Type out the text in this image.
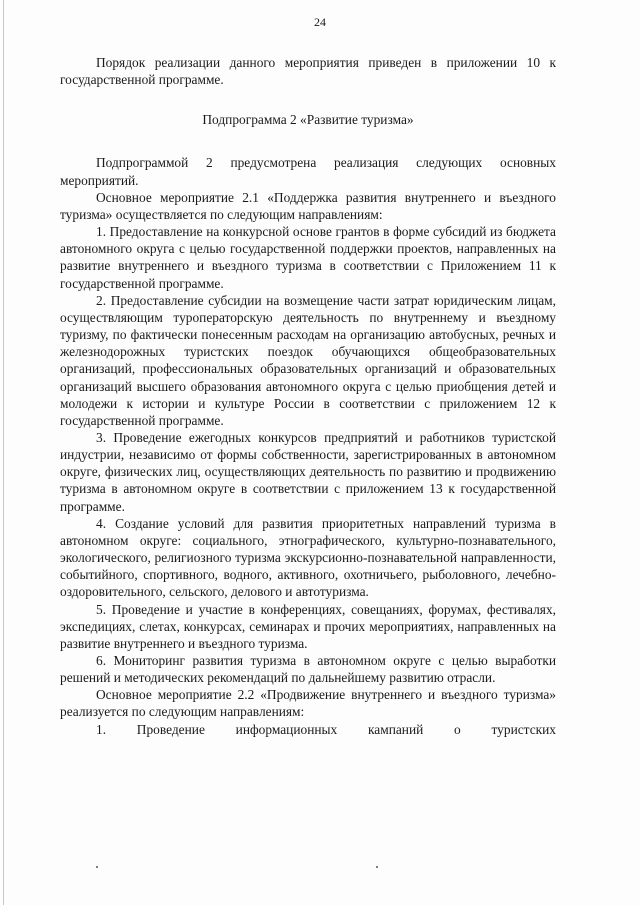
24

Порядок реализации данного мероприятия приведен в приложении 10 к государственной программе.

Подпрограмма 2 «Развитие туризма»

Подпрограммой 2 предусмотрена реализация следующих основных мероприятий.

Основное мероприятие 2.1 «Поддержка развития внутреннего и въездного туризма» осуществляется по следующим направлениям:

1. Предоставление на конкурсной основе грантов в форме субсидий из бюджета автономного округа с целью государственной поддержки проектов, направленных на развитие внутреннего и въездного туризма в соответствии с Приложением 11 к государственной программе.

2. Предоставление субсидии на возмещение части затрат юридическим лицам, осуществляющим туроператорскую деятельность по внутреннему и въездному туризму, по фактически понесенным расходам на организацию автобусных, речных и железнодорожных туристских поездок обучающихся общеобразовательных организаций, профессиональных образовательных организаций и образовательных организаций высшего образования автономного округа с целью приобщения детей и молодежи к истории и культуре России в соответствии с приложением 12 к государственной программе.

3. Проведение ежегодных конкурсов предприятий и работников туристской индустрии, независимо от формы собственности, зарегистрированных в автономном округе, физических лиц, осуществляющих деятельность по развитию и продвижению туризма в автономном округе в соответствии с приложением 13 к государственной программе.

4. Создание условий для развития приоритетных направлений туризма в автономном округе: социального, этнографического, культурно-познавательного, экологического, религиозного туризма экскурсионно-познавательной направленности, событийного, спортивного, водного, активного, охотничьего, рыболовного, лечебно-оздоровительного, сельского, делового и автотуризма.

5. Проведение и участие в конференциях, совещаниях, форумах, фестивалях, экспедициях, слетах, конкурсах, семинарах и прочих мероприятиях, направленных на развитие внутреннего и въездного туризма.

6. Мониторинг развития туризма в автономном округе с целью выработки решений и методических рекомендаций по дальнейшему развитию отрасли.

Основное мероприятие 2.2 «Продвижение внутреннего и въездного туризма» реализуется по следующим направлениям:

1. Проведение информационных кампаний о туристских
